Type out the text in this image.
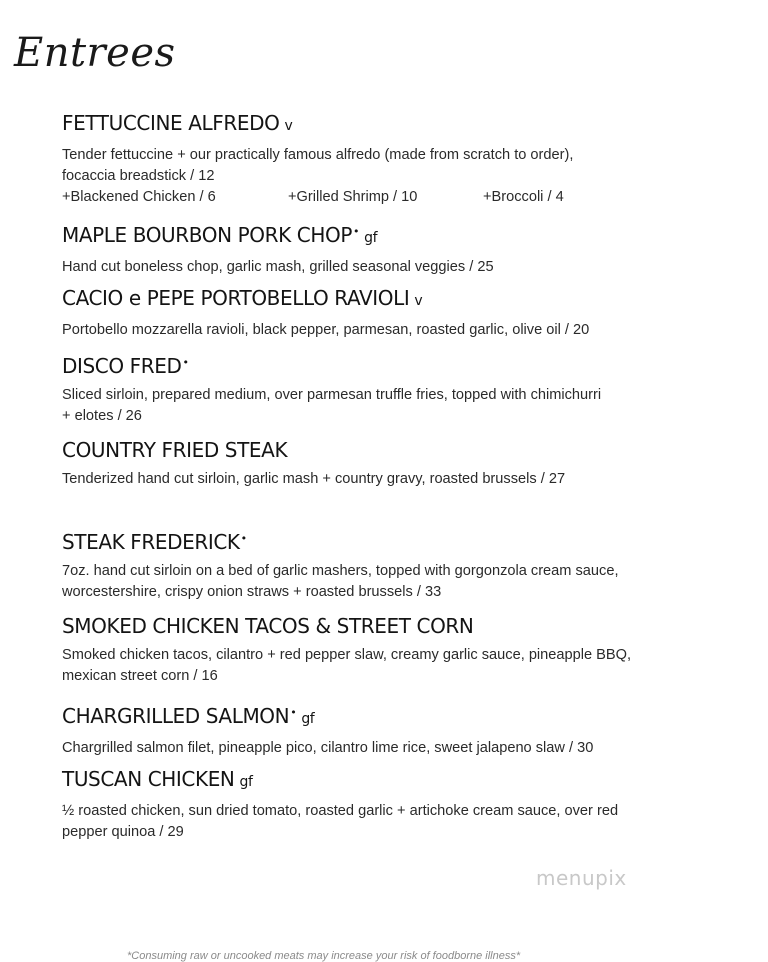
Entrees
FETTUCCINE ALFREDO v
Tender fettuccine + our practically famous alfredo (made from scratch to order), focaccia breadstick / 12
+Blackened Chicken / 6	+Grilled Shrimp / 10	+Broccoli / 4
MAPLE BOURBON PORK CHOP• gf
Hand cut boneless chop, garlic mash, grilled seasonal veggies / 25
CACIO e PEPE PORTOBELLO RAVIOLI v
Portobello mozzarella ravioli, black pepper, parmesan, roasted garlic, olive oil / 20
DISCO FRED•
Sliced sirloin, prepared medium, over parmesan truffle fries, topped with chimichurri + elotes / 26
COUNTRY FRIED STEAK
Tenderized hand cut sirloin, garlic mash + country gravy, roasted brussels / 27
STEAK FREDERICK•
7oz. hand cut sirloin on a bed of garlic mashers, topped with gorgonzola cream sauce, worcestershire, crispy onion straws + roasted brussels / 33
SMOKED CHICKEN TACOS & STREET CORN
Smoked chicken tacos, cilantro + red pepper slaw, creamy garlic sauce, pineapple BBQ, mexican street corn / 16
CHARGRILLED SALMON• gf
Chargrilled salmon filet, pineapple pico, cilantro lime rice, sweet jalapeno slaw / 30
TUSCAN CHICKEN gf
½ roasted chicken, sun dried tomato, roasted garlic + artichoke cream sauce, over red pepper quinoa / 29
menupix
*Consuming raw or uncooked meats may increase your risk of foodborne illness*
